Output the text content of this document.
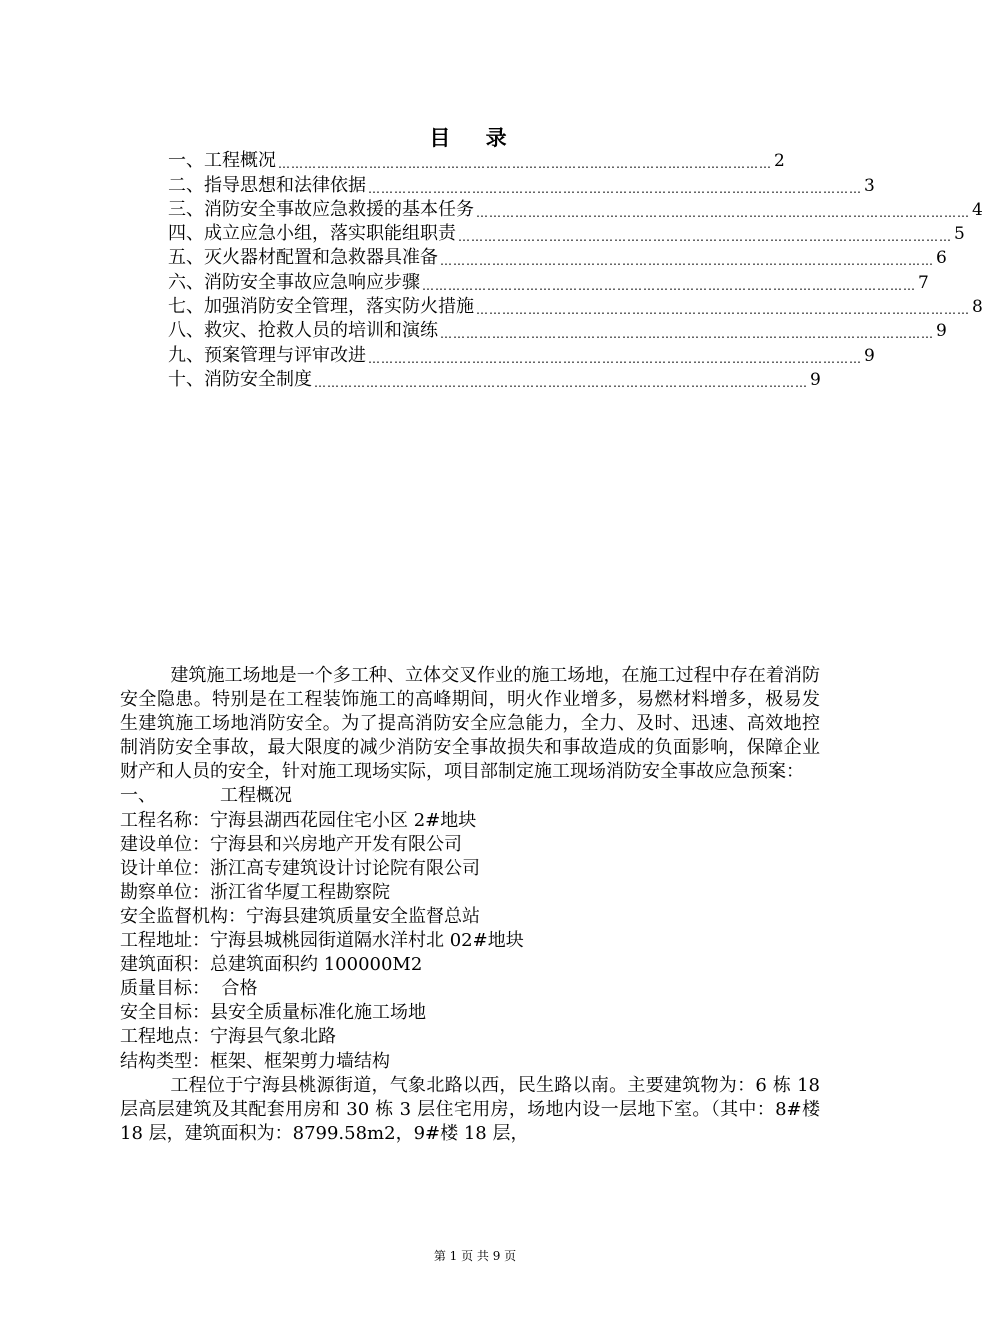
目 录
一、工程概况 …………………………………………………………………………………………………… 2
二、指导思想和法律依据 …………………………………………………………………………………………………… 3
三、消防安全事故应急救援的基本任务 …………………………………………………………………………………………………… 4
四、成立应急小组，落实职能组职责 …………………………………………………………………………………………………… 5
五、灭火器材配置和急救器具准备 …………………………………………………………………………………………………… 6
六、消防安全事故应急响应步骤 …………………………………………………………………………………………………… 7
七、加强消防安全管理，落实防火措施 …………………………………………………………………………………………………… 8
八、救灾、抢救人员的培训和演练 …………………………………………………………………………………………………… 9
九、预案管理与评审改进 …………………………………………………………………………………………………… 9
十、消防安全制度 …………………………………………………………………………………………………… 9

建筑施工场地是一个多工种、立体交叉作业的施工场地，在施工过程中存在着消防安全隐患。特别是在工程装饰施工的高峰期间，明火作业增多，易燃材料增多，极易发生建筑施工场地消防安全。为了提高消防安全应急能力，全力、及时、迅速、高效地控制消防安全事故，最大限度的减少消防安全事故损失和事故造成的负面影响，保障企业财产和人员的安全，针对施工现场实际，项目部制定施工现场消防安全事故应急预案：

一、	工程概况

工程名称：宁海县湖西花园住宅小区 2#地块

建设单位：宁海县和兴房地产开发有限公司

设计单位：浙江高专建筑设计讨论院有限公司

勘察单位：浙江省华厦工程勘察院

安全监督机构：宁海县建筑质量安全监督总站

工程地址：宁海县城桃园街道隔水洋村北 02#地块

建筑面积：总建筑面积约 100000M2

质量目标：  合格

安全目标：县安全质量标准化施工场地

工程地点：宁海县气象北路

结构类型：框架、框架剪力墙结构

工程位于宁海县桃源街道，气象北路以西，民生路以南。主要建筑物为：6 栋 18 层高层建筑及其配套用房和 30 栋 3 层住宅用房，场地内设一层地下室。（其中：8#楼 18 层，建筑面积为：8799.58m2，9#楼 18 层，

第 1 页 共 9 页
